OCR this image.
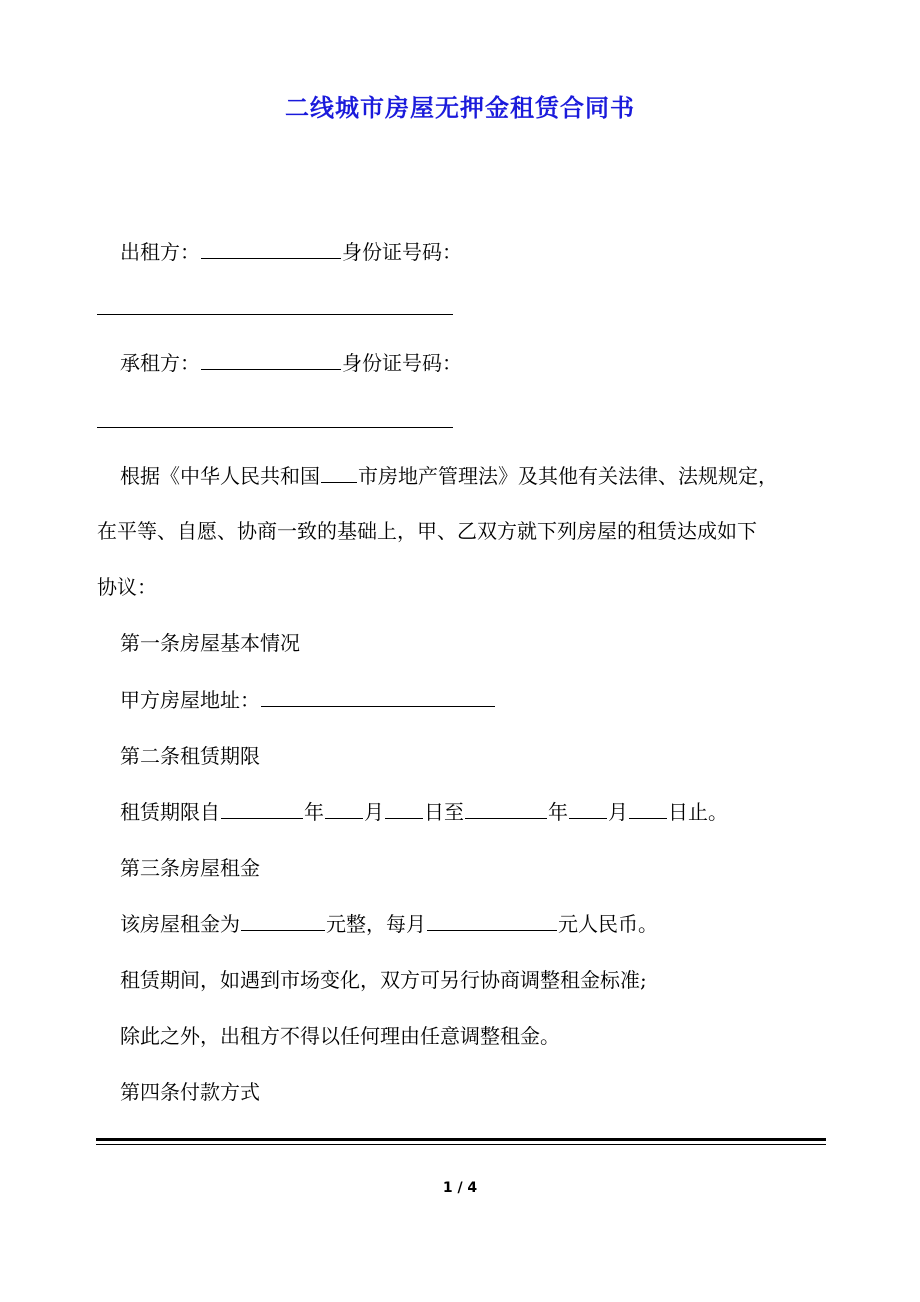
二线城市房屋无押金租赁合同书
出租方：	身份证号码：
承租方：	身份证号码：
根据《中华人民共和国 市房地产管理法》及其他有关法律、法规规定，
在平等、自愿、协商一致的基础上，甲、乙双方就下列房屋的租赁达成如下
协议：
第一条房屋基本情况
甲方房屋地址：
第二条租赁期限
租赁期限自	年 月 日至	年 月 日止。
第三条房屋租金
该房屋租金为	元整，每月	元人民币。
租赁期间，如遇到市场变化，双方可另行协商调整租金标准;
除此之外，出租方不得以任何理由任意调整租金。
第四条付款方式
1 / 4
